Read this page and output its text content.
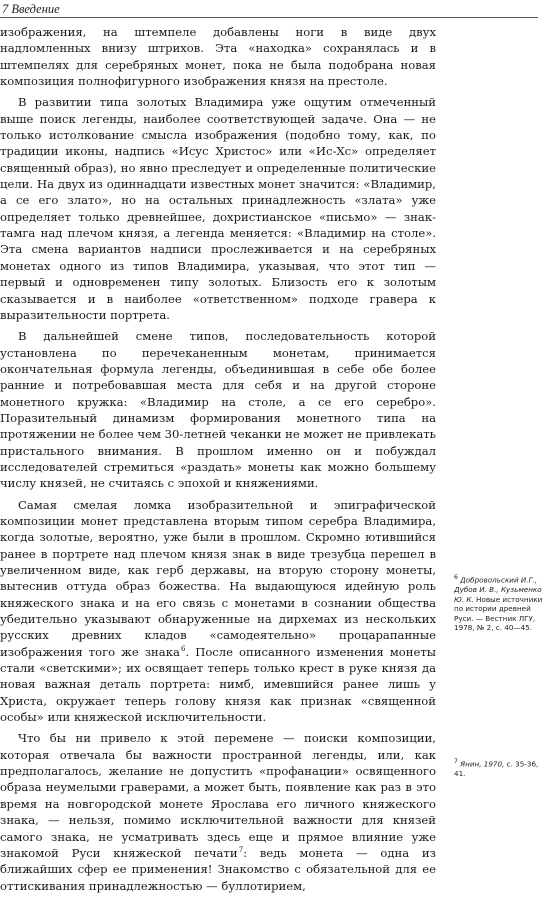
7 Введение

изображения, на штемпеле добавлены ноги в виде двух надломленных внизу штрихов. Эта «находка» сохранялась и в штемпелях для серебряных монет, пока не была подобрана новая композиция полнофигурного изображения князя на престоле.

В развитии типа золотых Владимира уже ощутим отмеченный выше поиск легенды, наиболее соответствующей задаче. Она — не только истолкование смысла изображения (подобно тому, как, по традиции иконы, надпись «Исус Христос» или «Ис-Хс» определяет священный образ), но явно преследует и определенные политические цели. На двух из одиннадцати известных монет значится: «Владимир, а се его злато», но на остальных принадлежность «злата» уже определяет только древнейшее, дохристианское «письмо» — знак-тамга над плечом князя, а легенда меняется: «Владимир на столе». Эта смена вариантов надписи прослеживается и на серебряных монетах одного из типов Владимира, указывая, что этот тип — первый и одновременен типу золотых. Близость его к золотым сказывается и в наиболее «ответственном» подходе гравера к выразительности портрета.

В дальнейшей смене типов, последовательность которой установлена по перечеканенным монетам, принимается окончательная формула легенды, объединившая в себе обе более ранние и потребовавшая места для себя и на другой стороне монетного кружка: «Владимир на столе, а се его серебро». Поразительный динамизм формирования монетного типа на протяжении не более чем 30-летней чеканки не может не привлекать пристального внимания. В прошлом именно он и побуждал исследователей стремиться «раздать» монеты как можно большему числу князей, не считаясь с эпохой и княжениями.

Самая смелая ломка изобразительной и эпиграфической композиции монет представлена вторым типом серебра Владимира, когда золотые, вероятно, уже были в прошлом. Скромно ютившийся ранее в портрете над плечом князя знак в виде трезубца перешел в увеличенном виде, как герб державы, на вторую сторону монеты, вытеснив оттуда образ божества. На выдающуюся идейную роль княжеского знака и на его связь с монетами в сознании общества убедительно указывают обнаруженные на дирхемах из нескольких русских древних кладов «самодеятельно» процарапанные изображения того же знака $^6$. После описанного изменения монеты стали «светскими»; их освящает теперь только крест в руке князя да новая важная деталь портрета: нимб, имевшийся ранее лишь у Христа, окружает теперь голову князя как признак «священной особы» или княжеской исключительности.

Что бы ни привело к этой перемене — поиски композиции, которая отвечала бы важности пространной легенды, или, как предполагалось, желание не допустить «профанации» освященного образа неумелыми граверами, а может быть, появление как раз в это время на новгородской монете Ярослава его личного княжеского знака, — нельзя, помимо исключительной важности для князей самого знака, не усматривать здесь еще и прямое влияние уже знакомой Руси княжеской печати $^7$: ведь монета — одна из ближайших сфер ее применения! Знакомство с обязательной для ее оттискивания принадлежностью — буллотирием,

$^6$ Добровольский И.Г., Дубов И. В., Кузьменко Ю. К. Новые источники по истории древней Руси. — Вестник ЛГУ, 1978, № 2, с. 40—45.
$^7$ Янин, 1970, с. 35-36, 41.
